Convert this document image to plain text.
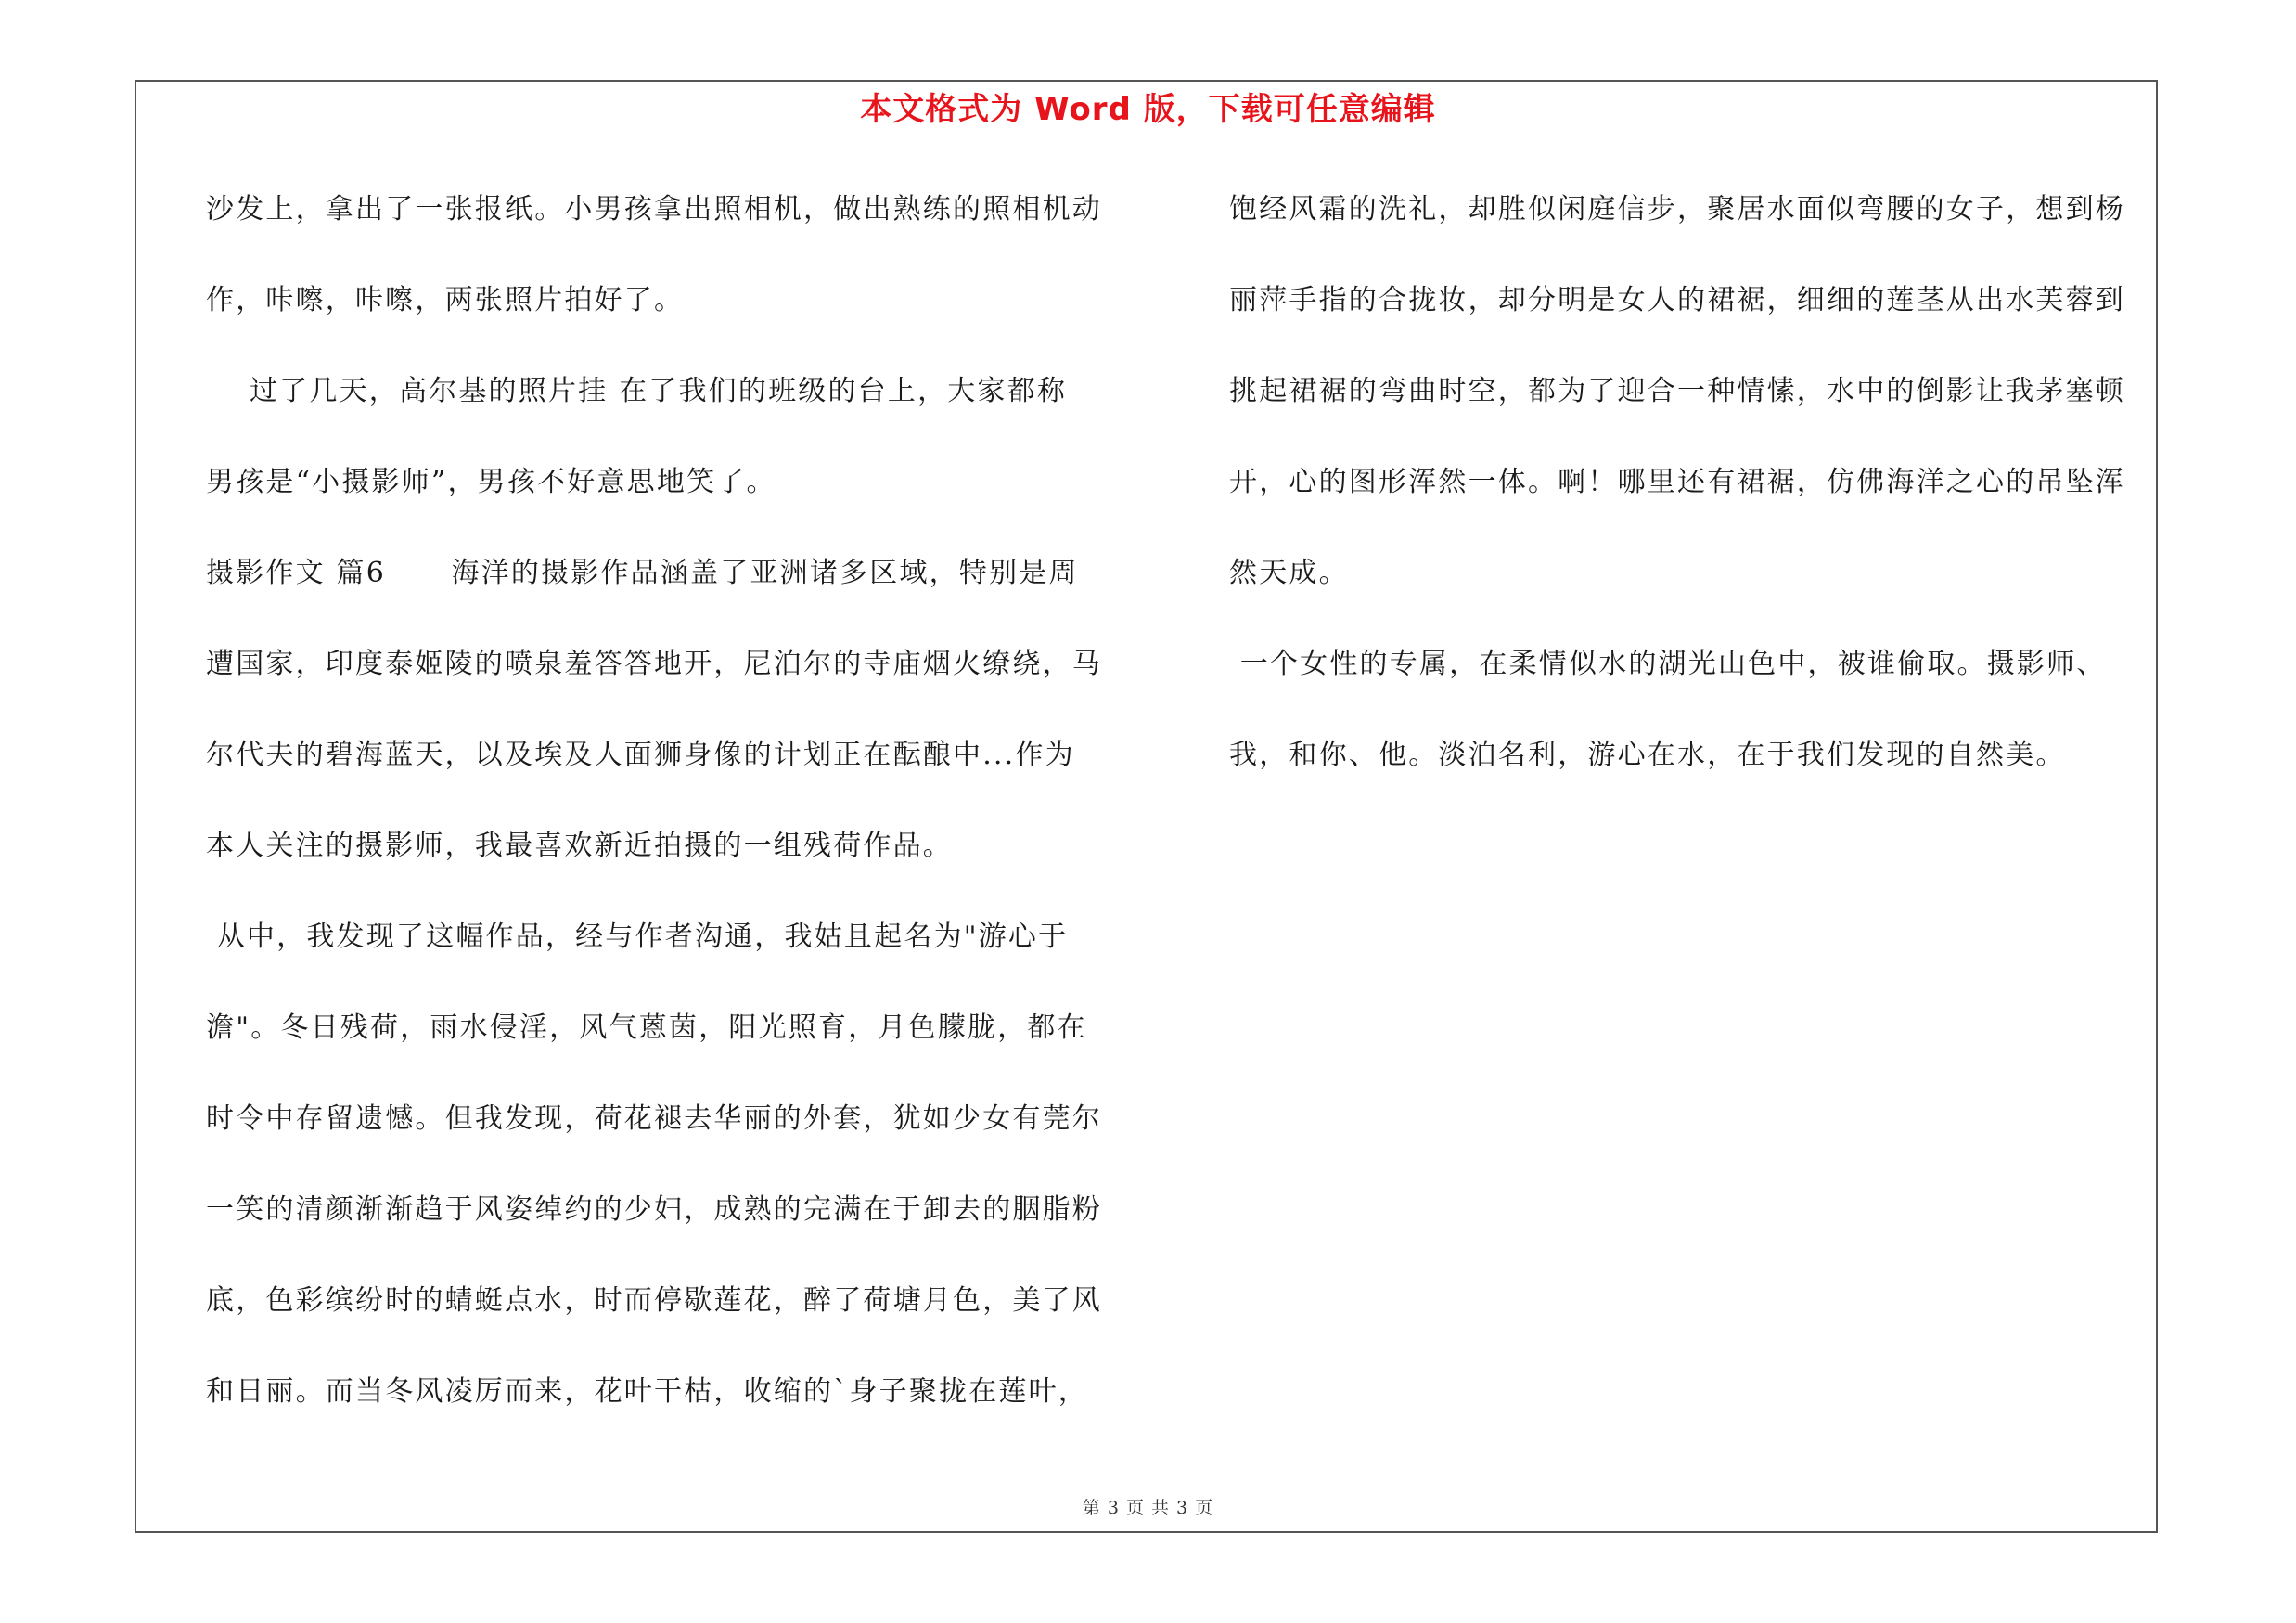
本文格式为 Word 版，下载可任意编辑
沙发上，拿出了一张报纸。小男孩拿出照相机，做出熟练的照相机动
作，咔嚓，咔嚓，两张照片拍好了。
过了几天，高尔基的照片挂 在了我们的班级的台上，大家都称
男孩是“小摄影师”，男孩不好意思地笑了。
摄影作文 篇6      海洋的摄影作品涵盖了亚洲诸多区域，特别是周
遭国家，印度泰姬陵的喷泉羞答答地开，尼泊尔的寺庙烟火缭绕，马
尔代夫的碧海蓝天，以及埃及人面狮身像的计划正在酝酿中...作为
本人关注的摄影师，我最喜欢新近拍摄的一组残荷作品。
从中，我发现了这幅作品，经与作者沟通，我姑且起名为"游心于
澹"。冬日残荷，雨水侵淫，风气蒽茵，阳光照育，月色朦胧，都在
时令中存留遗憾。但我发现，荷花褪去华丽的外套，犹如少女有莞尔
一笑的清颜渐渐趋于风姿绰约的少妇，成熟的完满在于卸去的胭脂粉
底，色彩缤纷时的蜻蜓点水，时而停歇莲花，醉了荷塘月色，美了风
和日丽。而当冬风凌厉而来，花叶干枯，收缩的`身子聚拢在莲叶，
饱经风霜的洗礼，却胜似闲庭信步，聚居水面似弯腰的女子，想到杨
丽萍手指的合拢妆，却分明是女人的裙裾，细细的莲茎从出水芙蓉到
挑起裙裾的弯曲时空，都为了迎合一种情愫，水中的倒影让我茅塞顿
开，心的图形浑然一体。啊！哪里还有裙裾，仿佛海洋之心的吊坠浑
然天成。
一个女性的专属，在柔情似水的湖光山色中，被谁偷取。摄影师、
我，和你、他。淡泊名利，游心在水，在于我们发现的自然美。
第 3 页 共 3 页
